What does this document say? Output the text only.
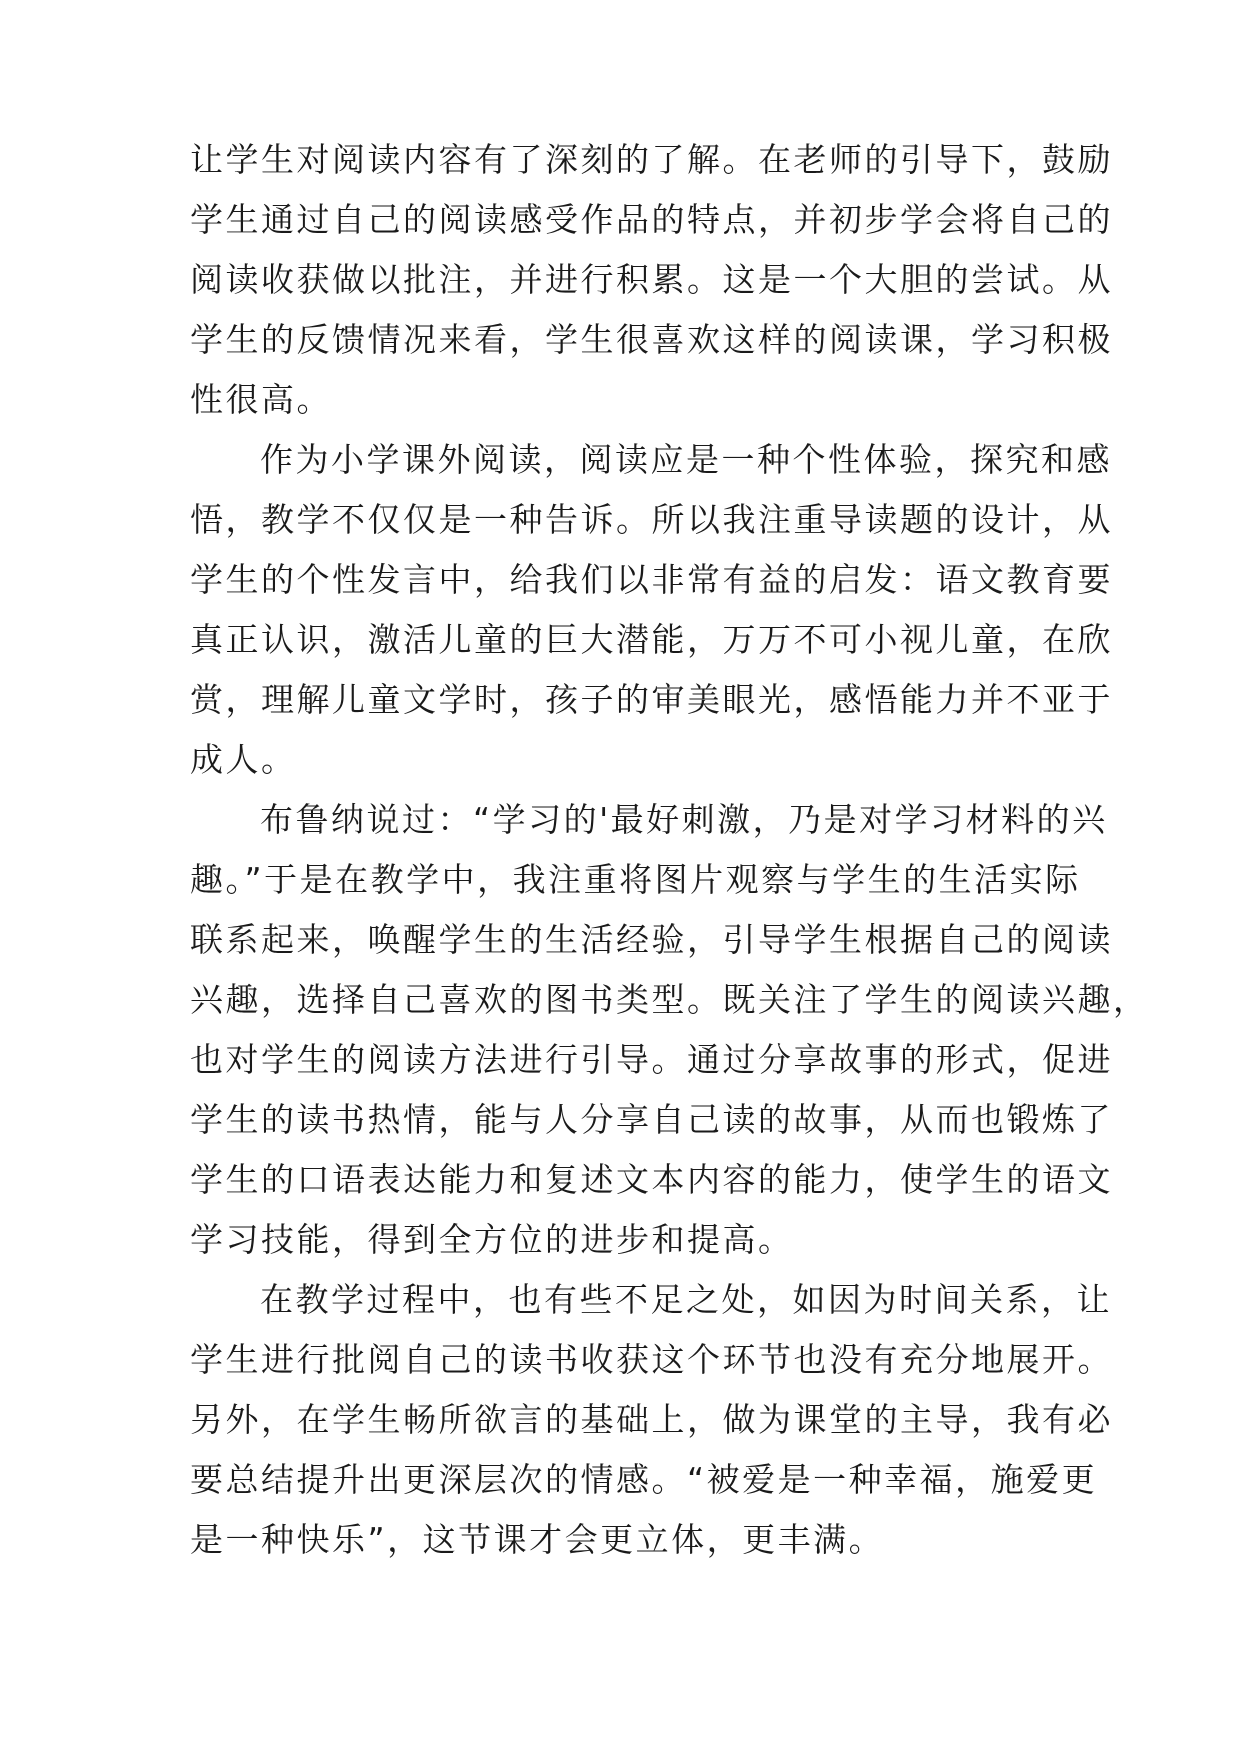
让学生对阅读内容有了深刻的了解。在老师的引导下，鼓励
学生通过自己的阅读感受作品的特点，并初步学会将自己的
阅读收获做以批注，并进行积累。这是一个大胆的尝试。从
学生的反馈情况来看，学生很喜欢这样的阅读课，学习积极
性很高。
作为小学课外阅读，阅读应是一种个性体验，探究和感
悟，教学不仅仅是一种告诉。所以我注重导读题的设计，从
学生的个性发言中，给我们以非常有益的启发：语文教育要
真正认识，激活儿童的巨大潜能，万万不可小视儿童，在欣
赏，理解儿童文学时，孩子的审美眼光，感悟能力并不亚于
成人。
布鲁纳说过：“学习的'最好刺激，乃是对学习材料的兴
趣。”于是在教学中，我注重将图片观察与学生的生活实际
联系起来，唤醒学生的生活经验，引导学生根据自己的阅读
兴趣，选择自己喜欢的图书类型。既关注了学生的阅读兴趣，
也对学生的阅读方法进行引导。通过分享故事的形式，促进
学生的读书热情，能与人分享自己读的故事，从而也锻炼了
学生的口语表达能力和复述文本内容的能力，使学生的语文
学习技能，得到全方位的进步和提高。
在教学过程中，也有些不足之处，如因为时间关系，让
学生进行批阅自己的读书收获这个环节也没有充分地展开。
另外，在学生畅所欲言的基础上，做为课堂的主导，我有必
要总结提升出更深层次的情感。“被爱是一种幸福，施爱更
是一种快乐”，这节课才会更立体，更丰满。
